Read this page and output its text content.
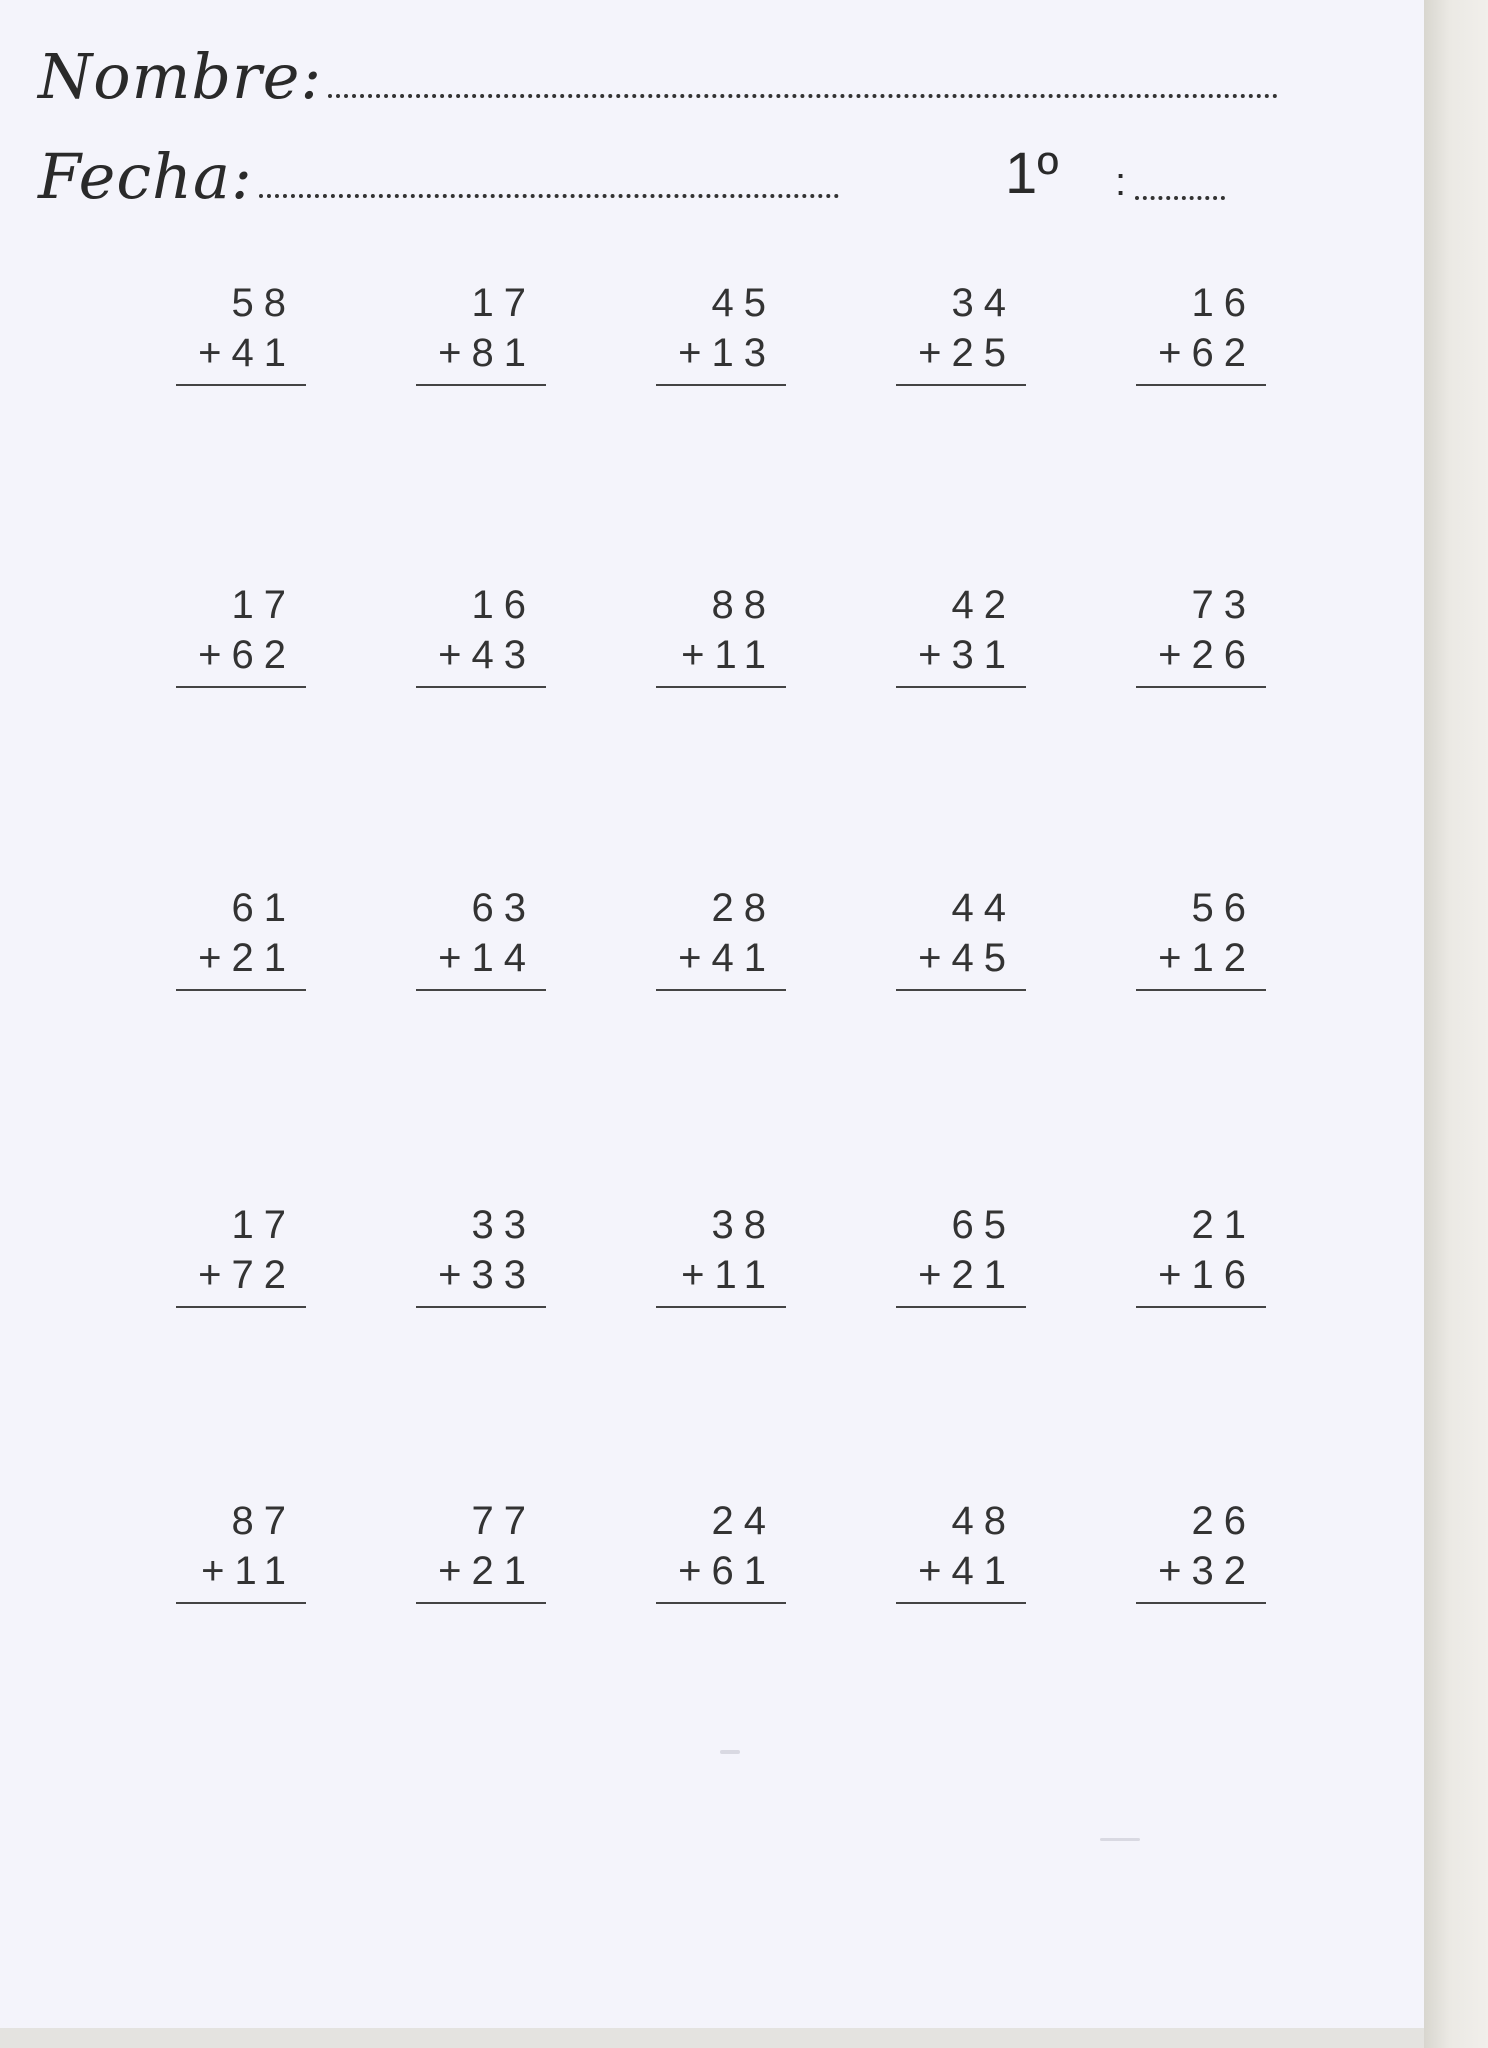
Nombre:
Fecha:	1º :
58
+41
17
+81
45
+13
34
+25
16
+62
17
+62
16
+43
88
+11
42
+31
73
+26
61
+21
63
+14
28
+41
44
+45
56
+12
17
+72
33
+33
38
+11
65
+21
21
+16
87
+11
77
+21
24
+61
48
+41
26
+32
